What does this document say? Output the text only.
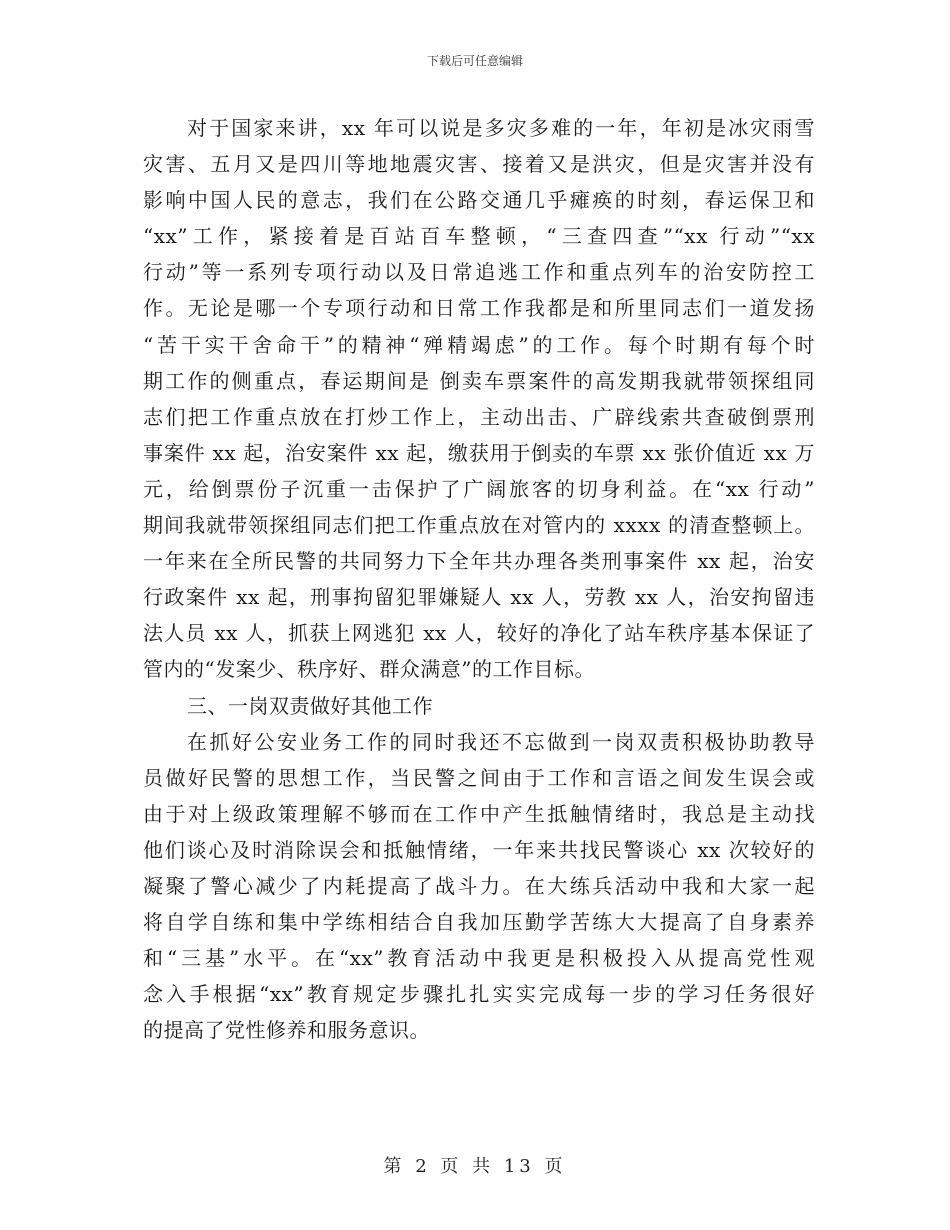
下载后可任意编辑
对于国家来讲，xx 年可以说是多灾多难的一年，年初是冰灾雨雪
灾害、五月又是四川等地地震灾害、接着又是洪灾，但是灾害并没有
影响中国人民的意志，我们在公路交通几乎瘫痪的时刻，春运保卫和
“xx”工作，紧接着是百站百车整顿，“三查四查”“xx 行动”“xx
行动”等一系列专项行动以及日常追逃工作和重点列车的治安防控工
作。无论是哪一个专项行动和日常工作我都是和所里同志们一道发扬
“苦干实干舍命干”的精神“殚精竭虑”的工作。每个时期有每个时
期工作的侧重点，春运期间是 倒卖车票案件的高发期我就带领探组同
志们把工作重点放在打炒工作上，主动出击、广辟线索共查破倒票刑
事案件 xx 起，治安案件 xx 起，缴获用于倒卖的车票 xx 张价值近 xx 万
元，给倒票份子沉重一击保护了广阔旅客的切身利益。在“xx 行动”
期间我就带领探组同志们把工作重点放在对管内的 xxxx 的清查整顿上。
一年来在全所民警的共同努力下全年共办理各类刑事案件 xx 起，治安
行政案件 xx 起，刑事拘留犯罪嫌疑人 xx 人，劳教 xx 人，治安拘留违
法人员 xx 人，抓获上网逃犯 xx 人，较好的净化了站车秩序基本保证了
管内的“发案少、秩序好、群众满意”的工作目标。
三、一岗双责做好其他工作
在抓好公安业务工作的同时我还不忘做到一岗双责积极协助教导
员做好民警的思想工作，当民警之间由于工作和言语之间发生误会或
由于对上级政策理解不够而在工作中产生抵触情绪时，我总是主动找
他们谈心及时消除误会和抵触情绪，一年来共找民警谈心 xx 次较好的
凝聚了警心减少了内耗提高了战斗力。在大练兵活动中我和大家一起
将自学自练和集中学练相结合自我加压勤学苦练大大提高了自身素养
和“三基”水平。在“xx”教育活动中我更是积极投入从提高党性观
念入手根据“xx”教育规定步骤扎扎实实完成每一步的学习任务很好
的提高了党性修养和服务意识。
第 2 页 共 13 页
